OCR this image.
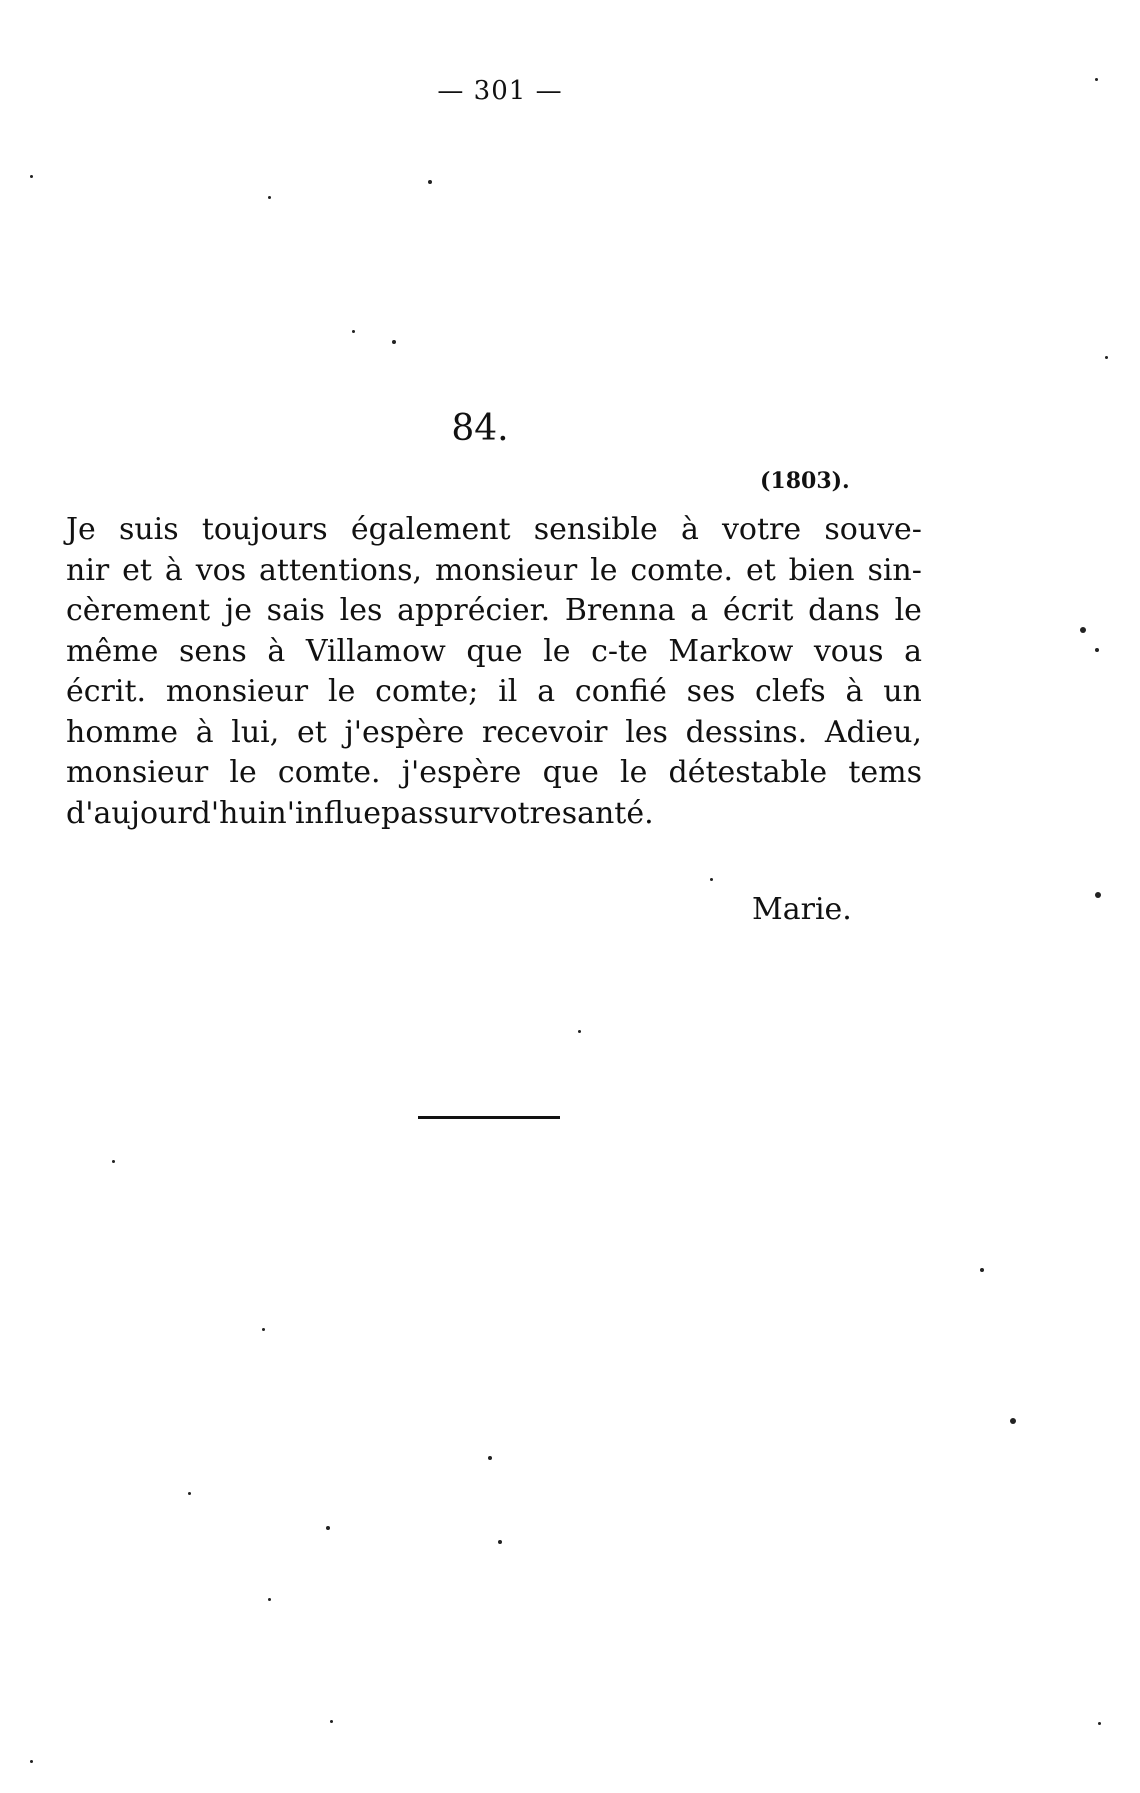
— 301 —
84.
(1803).
Je suis toujours également sensible à votre souve-
nir et à vos attentions, monsieur le comte. et bien sin-
cèrement je sais les apprécier. Brenna a écrit dans le
même sens à Villamow que le c-te Markow vous a
écrit. monsieur le comte; il a confié ses clefs à un
homme à lui, et j'espère recevoir les dessins. Adieu,
monsieur le comte. j'espère que le détestable tems
d'aujourd'hui n'influe pas sur votre santé.
Marie.
